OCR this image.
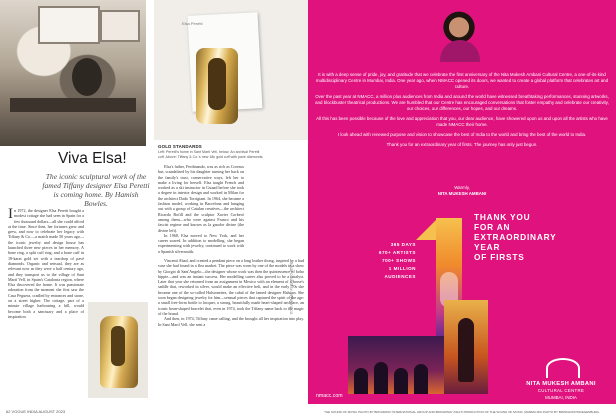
Viva Elsa!
The iconic sculptural work of the famed Tiffany designer Elsa Peretti is coming home. By Hamish Bowles.
In 1972, the designer Elsa Peretti bought a modest cottage she had seen in Spain for a few thousand dollars—all she could afford at the time. Since then, her fortunes grew and grew, and now to celebrate her legacy with Tiffany & Co.—a match made 50 years ago—the iconic jewelry and design house has launched three new pieces in her memory. A bone ring, a split cuff ring, and a bone cuff in 18-karat gold set with a teardrop of pavé diamonds. Organic and sensual, they are as relevant now as they were a half century ago, and they transport us to the village of Sant Martí Vell, in Spain's Catalonia region, where Elsa discovered the home. It was passionate adoration from the moment she first saw the Casa Peguera, cradled by entrances and stone, on a street higher. The cottage, part of a minute village harbouring a hill, would become both a sanctuary and a place of inspiration.
Elsa Peretti
GOLD STANDARDS
Left: Peretti's home in Sant Martí Vell, below; An archival Peretti cuff. Above: Tiffany & Co.'s new 18k gold cuff with pavé diamonds.

Elsa's father, Ferdinando, was as rich as Croesus but, scandalised by his daughter turning her back on the family's trust, conservative ways, left her to make a living for herself. Elsa taught French and worked as a ski instructor in Gstaad before she took a degree in interior design and worked in Milan for the architect Dado Torrigiani. In 1964, she became a fashion model, working in Barcelona and hanging out with a group of Catalan creatives—the architect Ricardo Bofill and the sculptor Xavier Corberó among them—who were against Franco and his fascist regime and known as la gauche divine (the divine left).

In 1968, Elsa moved to New York, and her career soared. In addition to modelling, she began experimenting with jewelry, continued to work with a Spanish silversmith,

Vincenti Abad, and created a pendant piece on a long leather thong, inspired by a bud vase she had found in a flea market. The piece was worn by one of the models in a show by Giorgio di Sant'Angelo—the designer whose work was then the quintessence of boho hippie—and was an instant success. Her modelling career also proved to be a catalyst. Later that year she returned from an assignment in Mexico with an element of a horse's saddle that, reworked in silver, would make an effective belt, and in the early '70s she became one of the so-called Halstonettes, the cabal of the famed designer Halston. She soon began designing jewelry for him—sensual pieces that captured the spirit of the age: a small free-form bottle to lacquer, a strong, beautifully made heart-shaped necklace, an iconic bean-shaped bracelet that, even in 1974, took the Tiffany name back to the magic of the brand.

And then, in 1974, Tiffany came calling, and the brought all her inspiration into play. In Sant Martí Vell, she sent a

IMAGE COURTESY: TIFFANY & CO.
62 VOGUE INDIA AUGUST 2023

It is with a deep sense of pride, joy, and gratitude that we celebrate the first anniversary of the Nita Mukesh Ambani Cultural Centre, a one-of-its-kind multidisciplinary Centre in Mumbai, India. One year ago, when NMACC opened its doors, we wanted to create a global platform that celebrates art and culture.

Over the past year at NMACC, a million plus audiences from India and around the world have witnessed breathtaking performances, stunning artworks, and blockbuster theatrical productions. We are humbled that our Centre has encouraged conversations that foster empathy and celebrate our creativity, our choices, our differences, our hopes, and our dreams.

All this has been possible because of the love and appreciation that you, our dear audience, have showered upon us and upon all the artists who have made NMACC their home.

I look ahead with renewed purpose and vision to showcase the best of India to the world and bring the best of the world to India.

Thank you for an extraordinary year of firsts. The journey has only just begun.

Warmly,
NITA MUKESH AMBANI
365 DAYS
670+ ARTISTS
700+ SHOWS
1 MILLION
AUDIENCES
THANK YOU
FOR AN
EXTRAORDINARY
YEAR
OF FIRSTS
NITA MUKESH AMBANI
CULTURAL CENTRE
MUMBAI, INDIA
nmacc.com
THE SOUND OF MUSIC PHOTO BY BROADWAY INTERNATIONAL GROUP AND BROADWAY ASIA'S PRODUCTION OF THE SOUND OF MUSIC. MAMMA MIA PHOTO BY BRINKHOFF/MOEGENBURG.
